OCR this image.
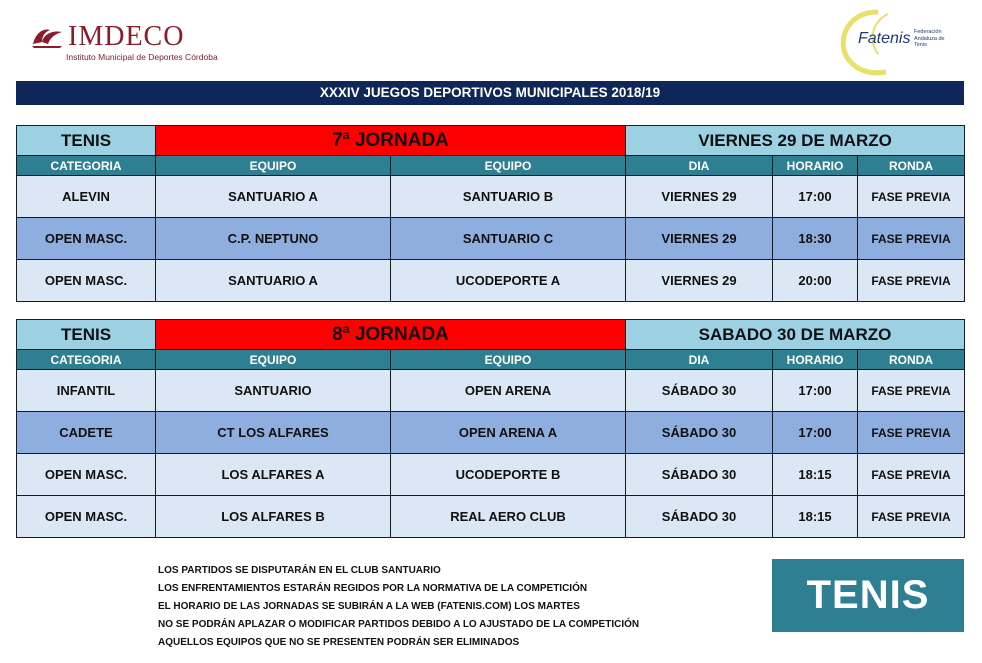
IMDECO
Instituto Municipal de Deportes Córdoba
Fatenis Federación
Andaluza de
Tenis
XXXIV JUEGOS DEPORTIVOS MUNICIPALES 2018/19
TENIS	7ª JORNADA		VIERNES 29 DE MARZO		
CATEGORIA	EQUIPO	EQUIPO	DIA	HORARIO	RONDA
ALEVIN	SANTUARIO A	SANTUARIO B	VIERNES 29	17:00	FASE PREVIA
OPEN MASC.	C.P. NEPTUNO	SANTUARIO C	VIERNES 29	18:30	FASE PREVIA
OPEN MASC.	SANTUARIO A	UCODEPORTE A	VIERNES 29	20:00	FASE PREVIA
TENIS	8ª JORNADA		SABADO 30 DE MARZO		
CATEGORIA	EQUIPO	EQUIPO	DIA	HORARIO	RONDA
INFANTIL	SANTUARIO	OPEN ARENA	SÁBADO 30	17:00	FASE PREVIA
CADETE	CT LOS ALFARES	OPEN ARENA A	SÁBADO 30	17:00	FASE PREVIA
OPEN MASC.	LOS ALFARES A	UCODEPORTE B	SÁBADO 30	18:15	FASE PREVIA
OPEN MASC.	LOS ALFARES B	REAL AERO CLUB	SÁBADO 30	18:15	FASE PREVIA
LOS PARTIDOS SE DISPUTARÁN EN EL CLUB SANTUARIO
LOS ENFRENTAMIENTOS ESTARÁN REGIDOS POR LA NORMATIVA DE LA COMPETICIÓN
EL HORARIO DE LAS JORNADAS SE SUBIRÁN A LA WEB (FATENIS.COM) LOS MARTES
NO SE PODRÁN APLAZAR O MODIFICAR PARTIDOS DEBIDO A LO AJUSTADO DE LA COMPETICIÓN
AQUELLOS EQUIPOS QUE NO SE PRESENTEN PODRÁN SER ELIMINADOS
TENIS
